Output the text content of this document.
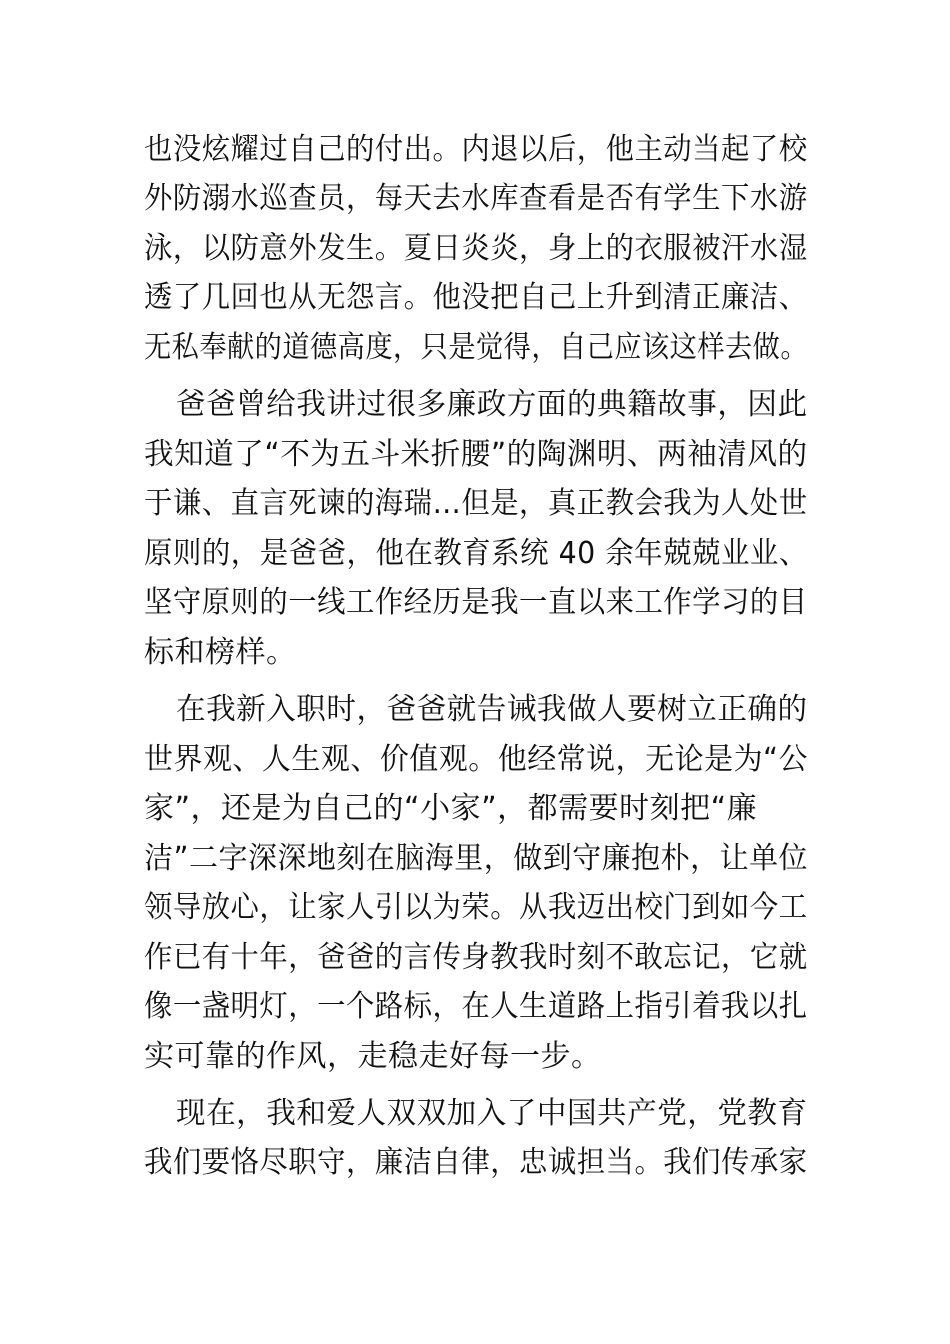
也没炫耀过自己的付出。内退以后，他主动当起了校
外防溺水巡查员，每天去水库查看是否有学生下水游
泳，以防意外发生。夏日炎炎，身上的衣服被汗水湿
透了几回也从无怨言。他没把自己上升到清正廉洁、
无私奉献的道德高度，只是觉得，自己应该这样去做。
爸爸曾给我讲过很多廉政方面的典籍故事，因此
我知道了“不为五斗米折腰”的陶渊明、两袖清风的
于谦、直言死谏的海瑞…但是，真正教会我为人处世
原则的，是爸爸，他在教育系统 40 余年兢兢业业、
坚守原则的一线工作经历是我一直以来工作学习的目
标和榜样。
在我新入职时，爸爸就告诫我做人要树立正确的
世界观、人生观、价值观。他经常说，无论是为“公
家”，还是为自己的“小家”，都需要时刻把“廉
洁”二字深深地刻在脑海里，做到守廉抱朴，让单位
领导放心，让家人引以为荣。从我迈出校门到如今工
作已有十年，爸爸的言传身教我时刻不敢忘记，它就
像一盏明灯，一个路标，在人生道路上指引着我以扎
实可靠的作风，走稳走好每一步。
现在，我和爱人双双加入了中国共产党，党教育
我们要恪尽职守，廉洁自律，忠诚担当。我们传承家
